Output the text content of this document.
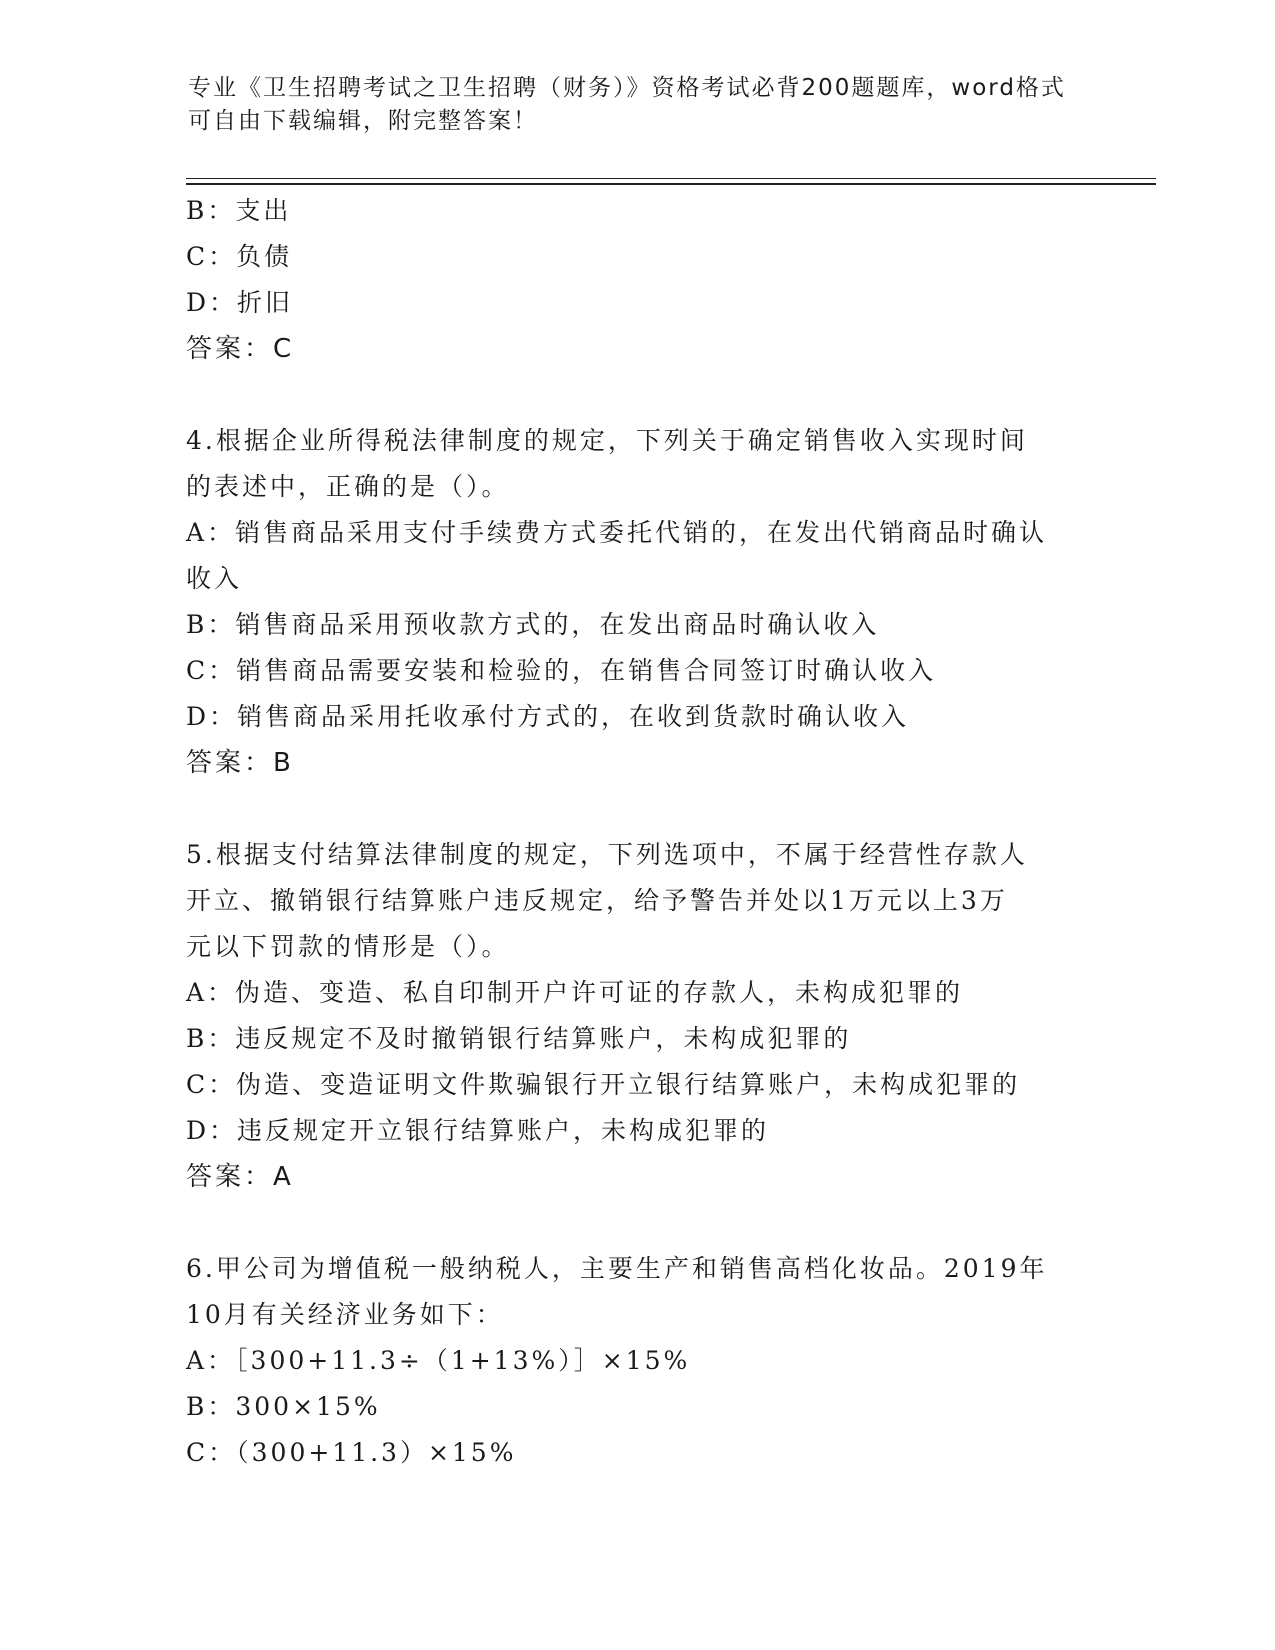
专业《卫生招聘考试之卫生招聘（财务）》资格考试必背200题题库，word格式
可自由下载编辑，附完整答案！
B：支出
C：负债
D：折旧
答案：C
4.根据企业所得税法律制度的规定，下列关于确定销售收入实现时间
的表述中，正确的是（）。
A：销售商品采用支付手续费方式委托代销的，在发出代销商品时确认
收入
B：销售商品采用预收款方式的，在发出商品时确认收入
C：销售商品需要安装和检验的，在销售合同签订时确认收入
D：销售商品采用托收承付方式的，在收到货款时确认收入
答案：B
5.根据支付结算法律制度的规定，下列选项中，不属于经营性存款人
开立、撤销银行结算账户违反规定，给予警告并处以1万元以上3万
元以下罚款的情形是（）。
A：伪造、变造、私自印制开户许可证的存款人，未构成犯罪的
B：违反规定不及时撤销银行结算账户，未构成犯罪的
C：伪造、变造证明文件欺骗银行开立银行结算账户，未构成犯罪的
D：违反规定开立银行结算账户，未构成犯罪的
答案：A
6.甲公司为增值税一般纳税人，主要生产和销售高档化妆品。2019年
10月有关经济业务如下：
A：［300+11.3÷（1+13%）］×15%
B：300×15%
C：（300+11.3）×15%
